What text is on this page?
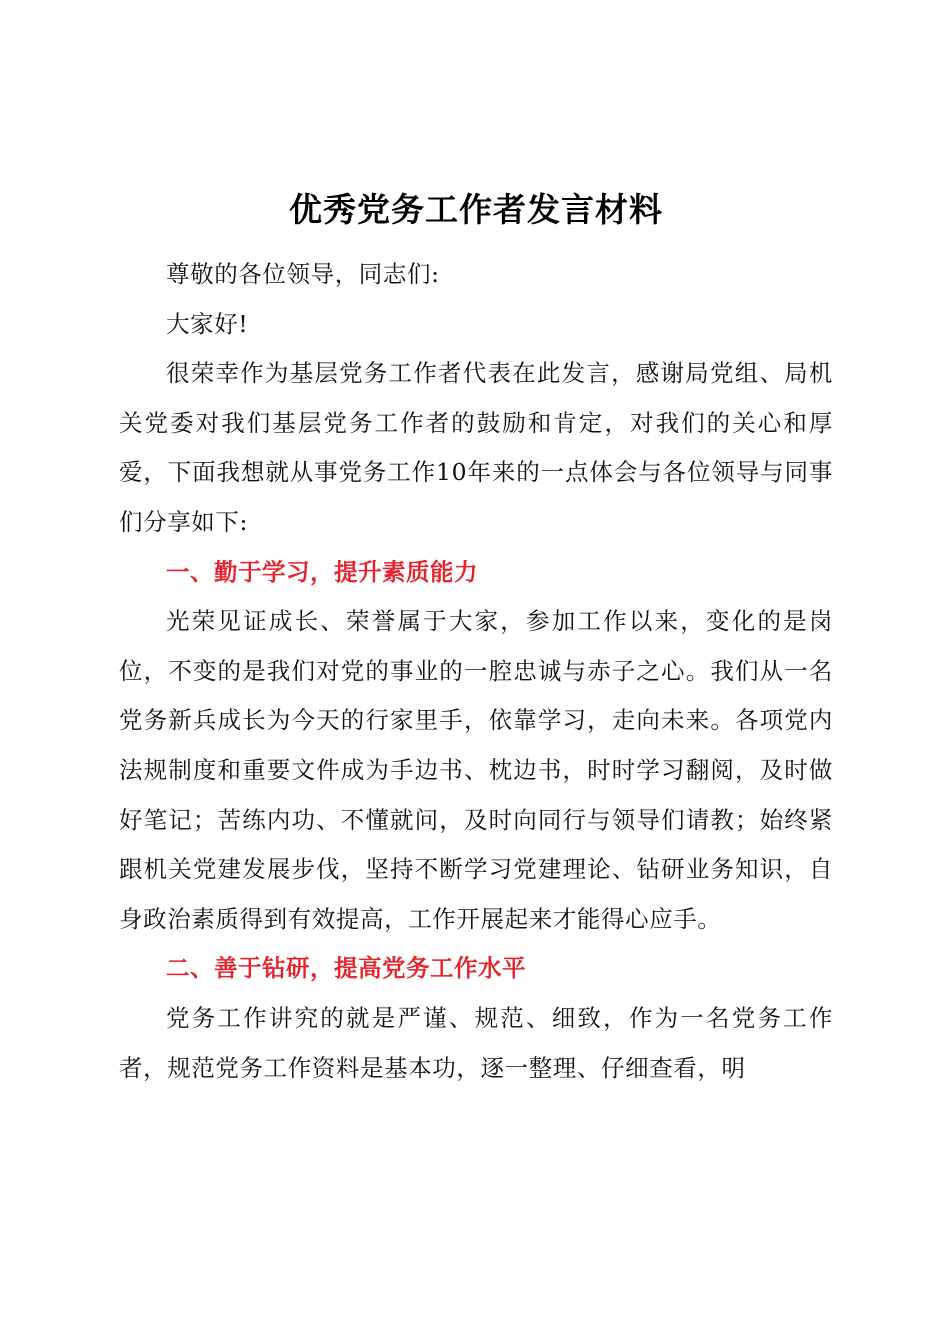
优秀党务工作者发言材料

尊敬的各位领导，同志们:

大家好!

很荣幸作为基层党务工作者代表在此发言，感谢局党组、局机关党委对我们基层党务工作者的鼓励和肯定，对我们的关心和厚爱，下面我想就从事党务工作10年来的一点体会与各位领导与同事们分享如下:

一、勤于学习，提升素质能力

光荣见证成长、荣誉属于大家，参加工作以来，变化的是岗位，不变的是我们对党的事业的一腔忠诚与赤子之心。我们从一名党务新兵成长为今天的行家里手，依靠学习，走向未来。各项党内法规制度和重要文件成为手边书、枕边书，时时学习翻阅，及时做好笔记；苦练内功、不懂就问，及时向同行与领导们请教；始终紧跟机关党建发展步伐，坚持不断学习党建理论、钻研业务知识，自身政治素质得到有效提高，工作开展起来才能得心应手。

二、善于钻研，提高党务工作水平

党务工作讲究的就是严谨、规范、细致，作为一名党务工作者，规范党务工作资料是基本功，逐一整理、仔细查看，明
